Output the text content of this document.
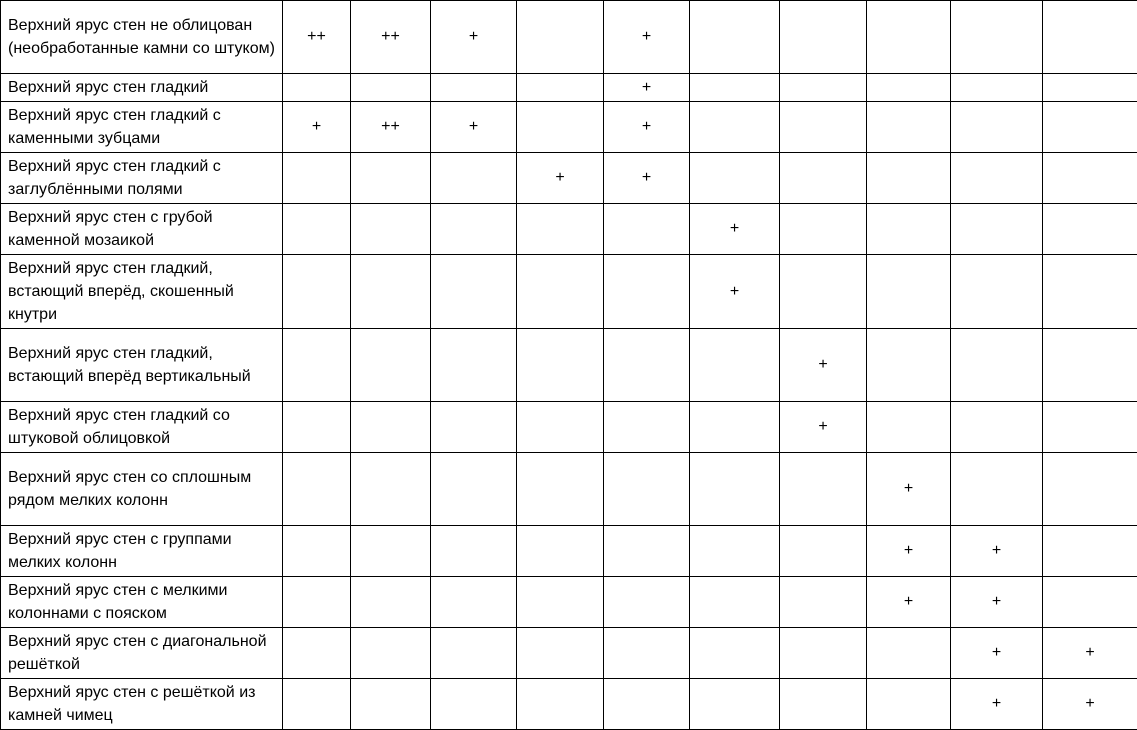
Верхний ярус стен не облицован (необработанные камни со штуком)	++	++	+		+					
Верхний ярус стен гладкий					+					
Верхний ярус стен гладкий с каменными зубцами	+	++	+		+					
Верхний ярус стен гладкий с заглублёнными полями				+	+					
Верхний ярус стен с грубой каменной мозаикой						+				
Верхний ярус стен гладкий, встающий вперёд, скошенный кнутри						+				
Верхний ярус стен гладкий, встающий вперёд вертикальный							+			
Верхний ярус стен гладкий со штуковой облицовкой							+			
Верхний ярус стен со сплошным рядом мелких колонн								+		
Верхний ярус стен с группами мелких колонн								+	+	
Верхний ярус стен с мелкими колоннами с пояском								+	+	
Верхний ярус стен с диагональной решёткой									+	+
Верхний ярус стен с решёткой из камней чимец									+	+
